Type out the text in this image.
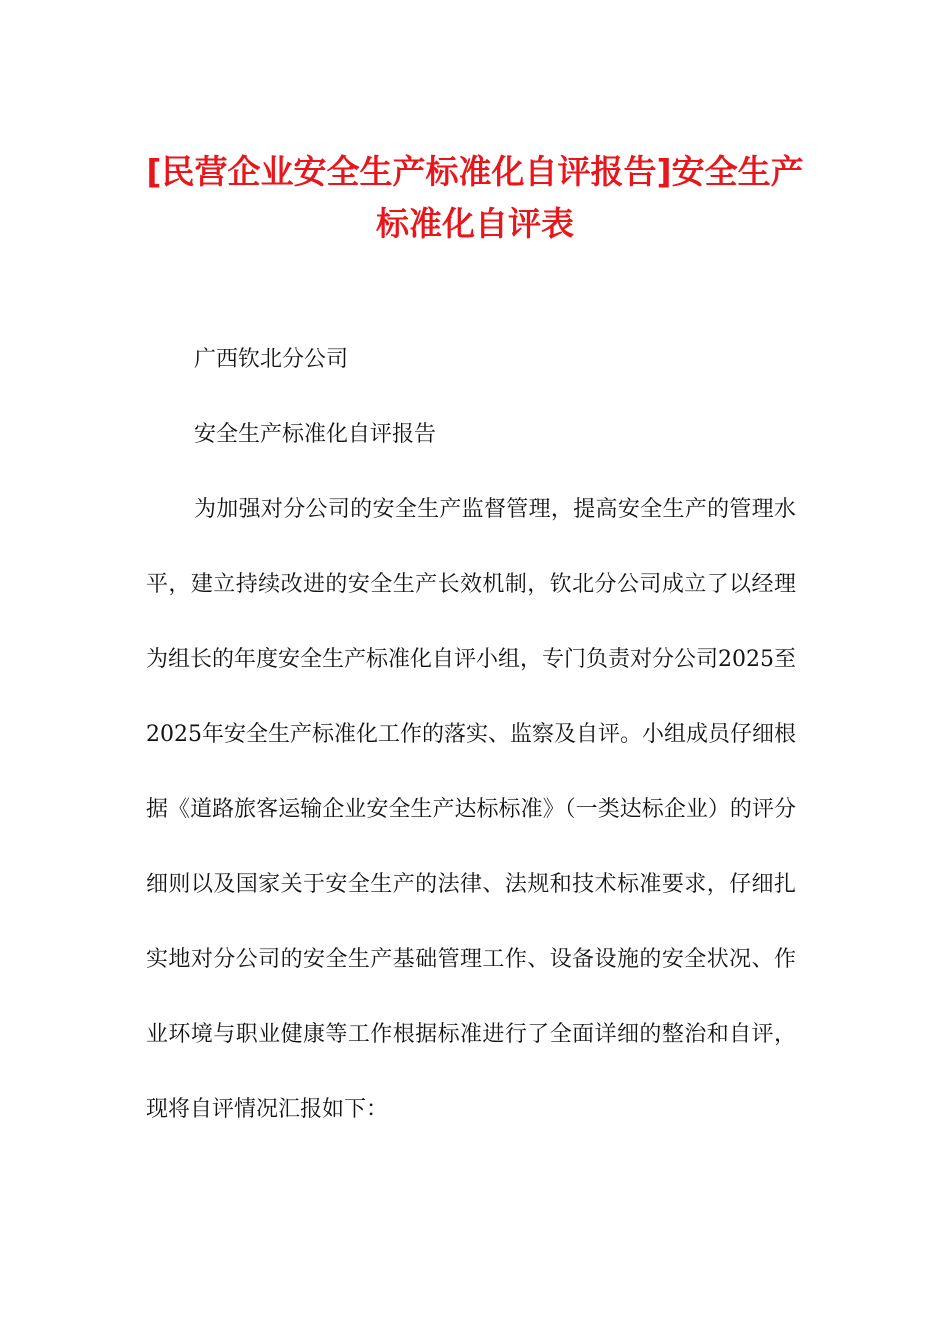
[民营企业安全生产标准化自评报告]安全生产标准化自评表

广西钦北分公司

安全生产标准化自评报告

为加强对分公司的安全生产监督管理，提高安全生产的管理水平，建立持续改进的安全生产长效机制，钦北分公司成立了以经理为组长的年度安全生产标准化自评小组，专门负责对分公司2025至2025年安全生产标准化工作的落实、监察及自评。小组成员仔细根据《道路旅客运输企业安全生产达标标准》（一类达标企业）的评分细则以及国家关于安全生产的法律、法规和技术标准要求，仔细扎实地对分公司的安全生产基础管理工作、设备设施的安全状况、作业环境与职业健康等工作根据标准进行了全面详细的整治和自评，现将自评情况汇报如下：
